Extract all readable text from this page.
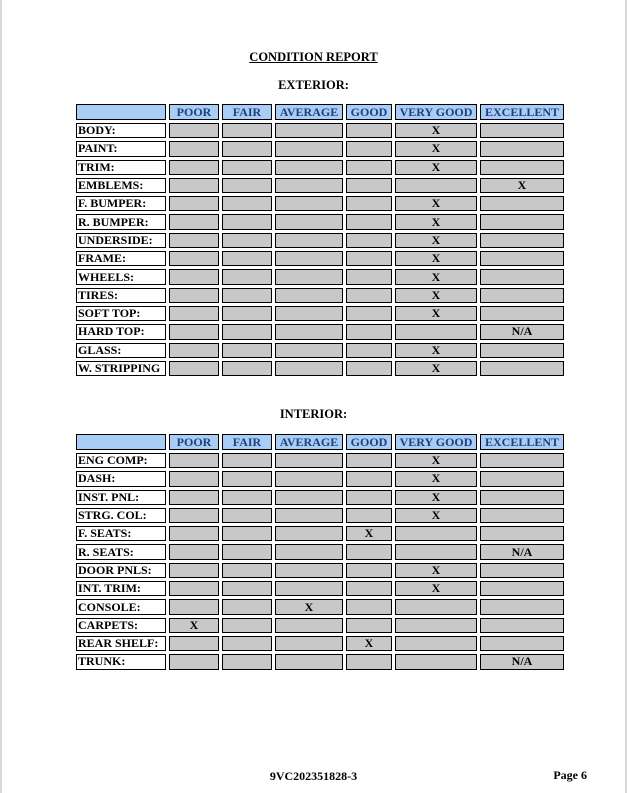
CONDITION REPORT
EXTERIOR:
	POOR	FAIR	AVERAGE	GOOD	VERY GOOD	EXCELLENT
BODY:					X	
PAINT:					X	
TRIM:					X	
EMBLEMS:						X
F. BUMPER:					X	
R. BUMPER:					X	
UNDERSIDE:					X	
FRAME:					X	
WHEELS:					X	
TIRES:					X	
SOFT TOP:					X	
HARD TOP:						N/A
GLASS:					X	
W. STRIPPING					X	
INTERIOR:
	POOR	FAIR	AVERAGE	GOOD	VERY GOOD	EXCELLENT
ENG COMP:					X	
DASH:					X	
INST. PNL:					X	
STRG. COL:					X	
F. SEATS:				X		
R. SEATS:						N/A
DOOR PNLS:					X	
INT. TRIM:					X	
CONSOLE:			X			
CARPETS:	X					
REAR SHELF:				X		
TRUNK:						N/A
9VC202351828-3	Page 6
